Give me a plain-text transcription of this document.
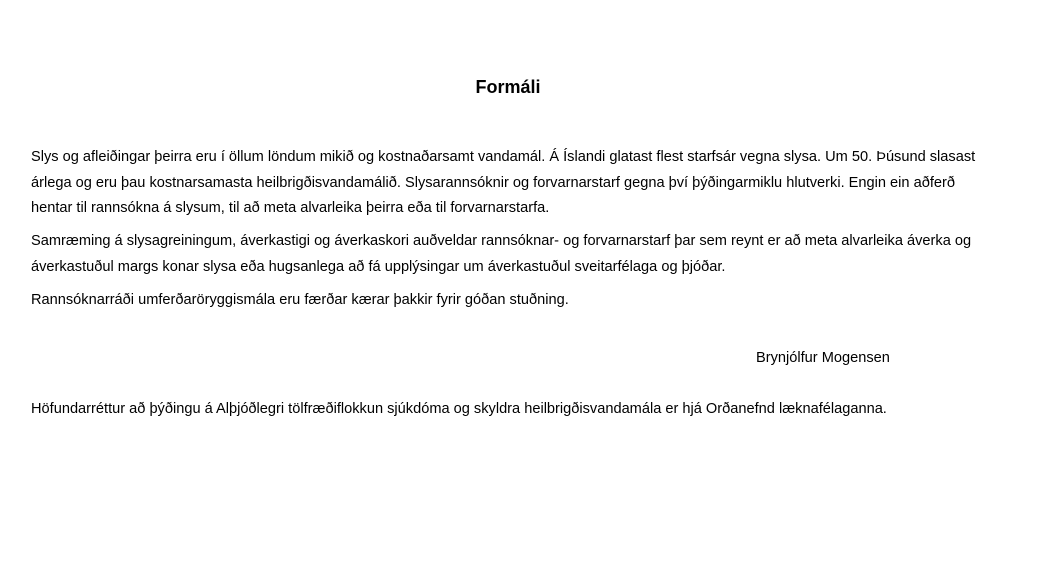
Formáli

Slys og afleiðingar þeirra eru í öllum löndum mikið og kostnaðarsamt vandamál. Á Íslandi glatast flest starfsár vegna slysa. Um 50. Þúsund slasast árlega og eru þau kostnarsamasta heilbrigðisvandamálið. Slysarannsóknir og forvarnarstarf gegna því þýðingarmiklu hlutverki. Engin ein aðferð hentar til rannsókna á slysum, til að meta alvarleika þeirra eða til forvarnarstarfa.

Samræming á slysagreiningum, áverkastigi og áverkaskori auðveldar rannsóknar- og forvarnarstarf þar sem reynt er að meta alvarleika áverka og áverkastuðul margs konar slysa eða hugsanlega að fá upplýsingar um áverkastuðul sveitarfélaga og þjóðar.

Rannsóknarráði umferðaröryggismála eru færðar kærar þakkir fyrir góðan stuðning.

Brynjólfur Mogensen
Höfundarréttur að þýðingu á Alþjóðlegri tölfræðiflokkun sjúkdóma og skyldra heilbrigðisvandamála er hjá Orðanefnd læknafélaganna.
